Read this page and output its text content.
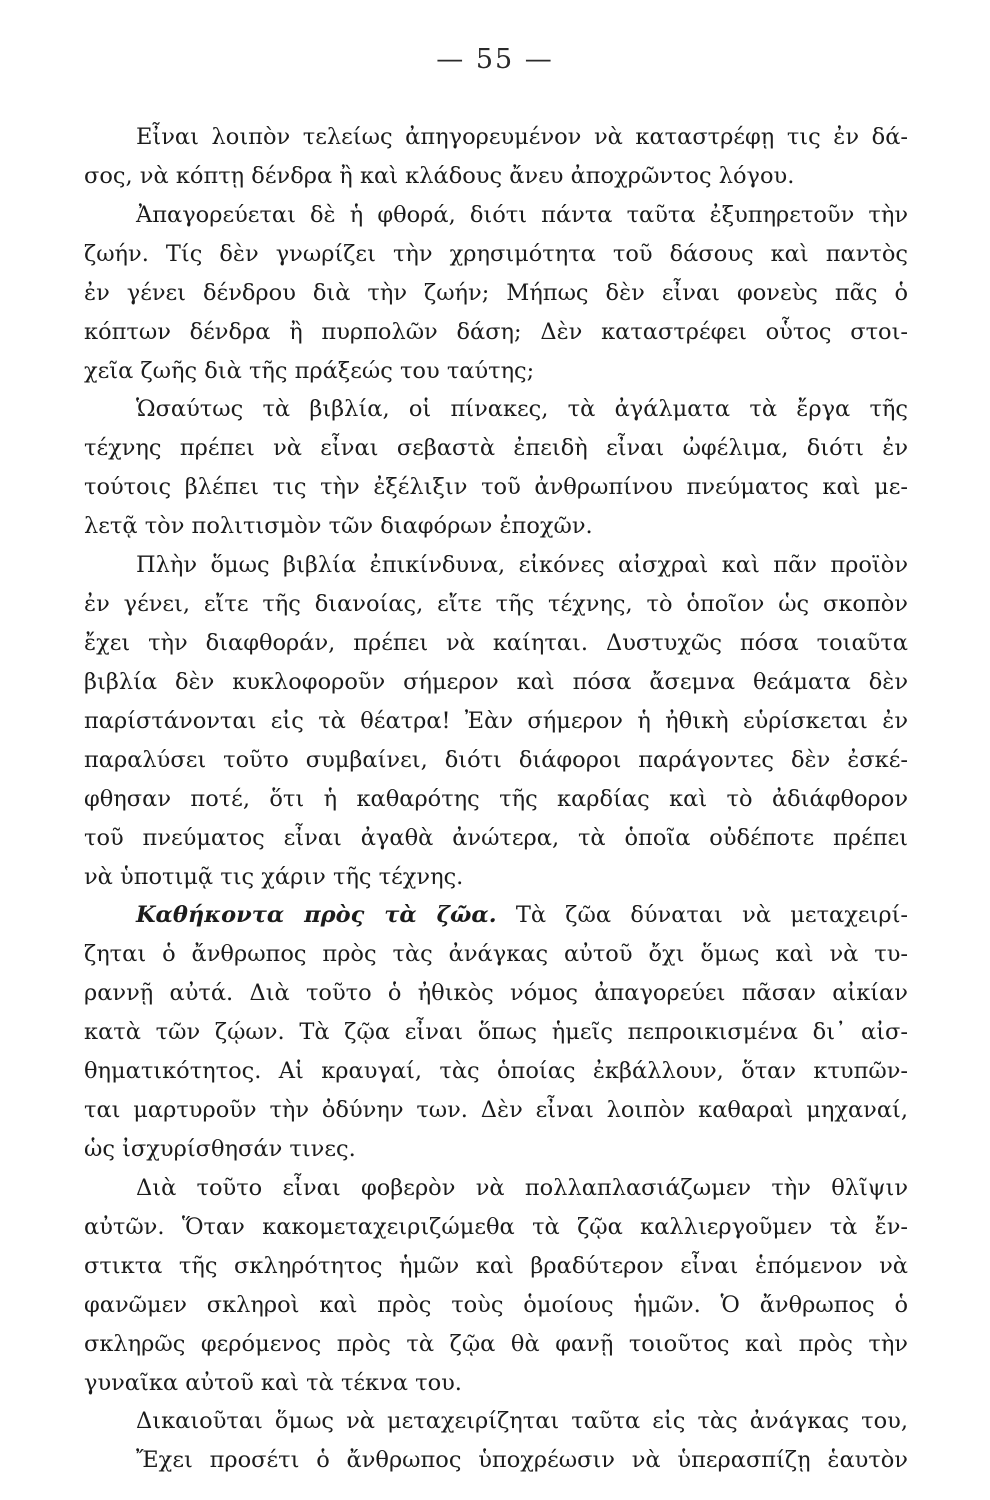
— 55 —
Εἶναι λοιπὸν τελείως ἀπηγορευμένον νὰ καταστρέφῃ τις ἐν δά-
σος, νὰ κόπτῃ δένδρα ἢ καὶ κλάδους ἄνευ ἀποχρῶντος λόγου.
Ἀπαγορεύεται δὲ ἡ φθορά, διότι πάντα ταῦτα ἐξυπηρετοῦν τὴν
ζωήν. Τίς δὲν γνωρίζει τὴν χρησιμότητα τοῦ δάσους καὶ παντὸς
ἐν γένει δένδρου διὰ τὴν ζωήν; Μήπως δὲν εἶναι φονεὺς πᾶς ὁ
κόπτων δένδρα ἢ πυρπολῶν δάση; Δὲν καταστρέφει οὗτος στοι-
χεῖα ζωῆς διὰ τῆς πράξεώς του ταύτης;
Ὡσαύτως τὰ βιβλία, οἱ πίνακες, τὰ ἀγάλματα τὰ ἔργα τῆς
τέχνης πρέπει νὰ εἶναι σεβαστὰ ἐπειδὴ εἶναι ὠφέλιμα, διότι ἐν
τούτοις βλέπει τις τὴν ἐξέλιξιν τοῦ ἀνθρωπίνου πνεύματος καὶ με-
λετᾷ τὸν πολιτισμὸν τῶν διαφόρων ἐποχῶν.
Πλὴν ὅμως βιβλία ἐπικίνδυνα, εἰκόνες αἰσχραὶ καὶ πᾶν προϊὸν
ἐν γένει, εἴτε τῆς διανοίας, εἴτε τῆς τέχνης, τὸ ὁποῖον ὡς σκοπὸν
ἔχει τὴν διαφθοράν, πρέπει νὰ καίηται. Δυστυχῶς πόσα τοιαῦτα
βιβλία δὲν κυκλοφοροῦν σήμερον καὶ πόσα ἄσεμνα θεάματα δὲν
παρίστάνονται εἰς τὰ θέατρα! Ἐὰν σήμερον ἡ ἠθικὴ εὑρίσκεται ἐν
παραλύσει τοῦτο συμβαίνει, διότι διάφοροι παράγοντες δὲν ἐσκέ-
φθησαν ποτέ, ὅτι ἡ καθαρότης τῆς καρδίας καὶ τὸ ἀδιάφθορον
τοῦ πνεύματος εἶναι ἀγαθὰ ἀνώτερα, τὰ ὁποῖα οὐδέποτε πρέπει
νὰ ὑποτιμᾷ τις χάριν τῆς τέχνης.
Καθήκοντα πρὸς τὰ ζῶα. Τὰ ζῶα δύναται νὰ μεταχειρί-
ζηται ὁ ἄνθρωπος πρὸς τὰς ἀνάγκας αὐτοῦ ὄχι ὅμως καὶ νὰ τυ-
ραννῇ αὐτά. Διὰ τοῦτο ὁ ἠθικὸς νόμος ἀπαγορεύει πᾶσαν αἰκίαν
κατὰ τῶν ζῴων. Τὰ ζῷα εἶναι ὅπως ἡμεῖς πεπροικισμένα δι᾿ αἰσ-
θηματικότητος. Αἱ κραυγαί, τὰς ὁποίας ἐκβάλλουν, ὅταν κτυπῶν-
ται μαρτυροῦν τὴν ὀδύνην των. Δὲν εἶναι λοιπὸν καθαραὶ μηχαναί,
ὡς ἰσχυρίσθησάν τινες.
Διὰ τοῦτο εἶναι φοβερὸν νὰ πολλαπλασιάζωμεν τὴν θλῖψιν
αὐτῶν. Ὅταν κακομεταχειριζώμεθα τὰ ζῷα καλλιεργοῦμεν τὰ ἔν-
στικτα τῆς σκληρότητος ἡμῶν καὶ βραδύτερον εἶναι ἑπόμενον νὰ
φανῶμεν σκληροὶ καὶ πρὸς τοὺς ὁμοίους ἡμῶν. Ὁ ἄνθρωπος ὁ
σκληρῶς φερόμενος πρὸς τὰ ζῷα θὰ φανῇ τοιοῦτος καὶ πρὸς τὴν
γυναῖκα αὐτοῦ καὶ τὰ τέκνα του.
Δικαιοῦται ὅμως νὰ μεταχειρίζηται ταῦτα εἰς τὰς ἀνάγκας του,
Ἔχει προσέτι ὁ ἄνθρωπος ὑποχρέωσιν νὰ ὑπερασπίζῃ ἑαυτὸν
